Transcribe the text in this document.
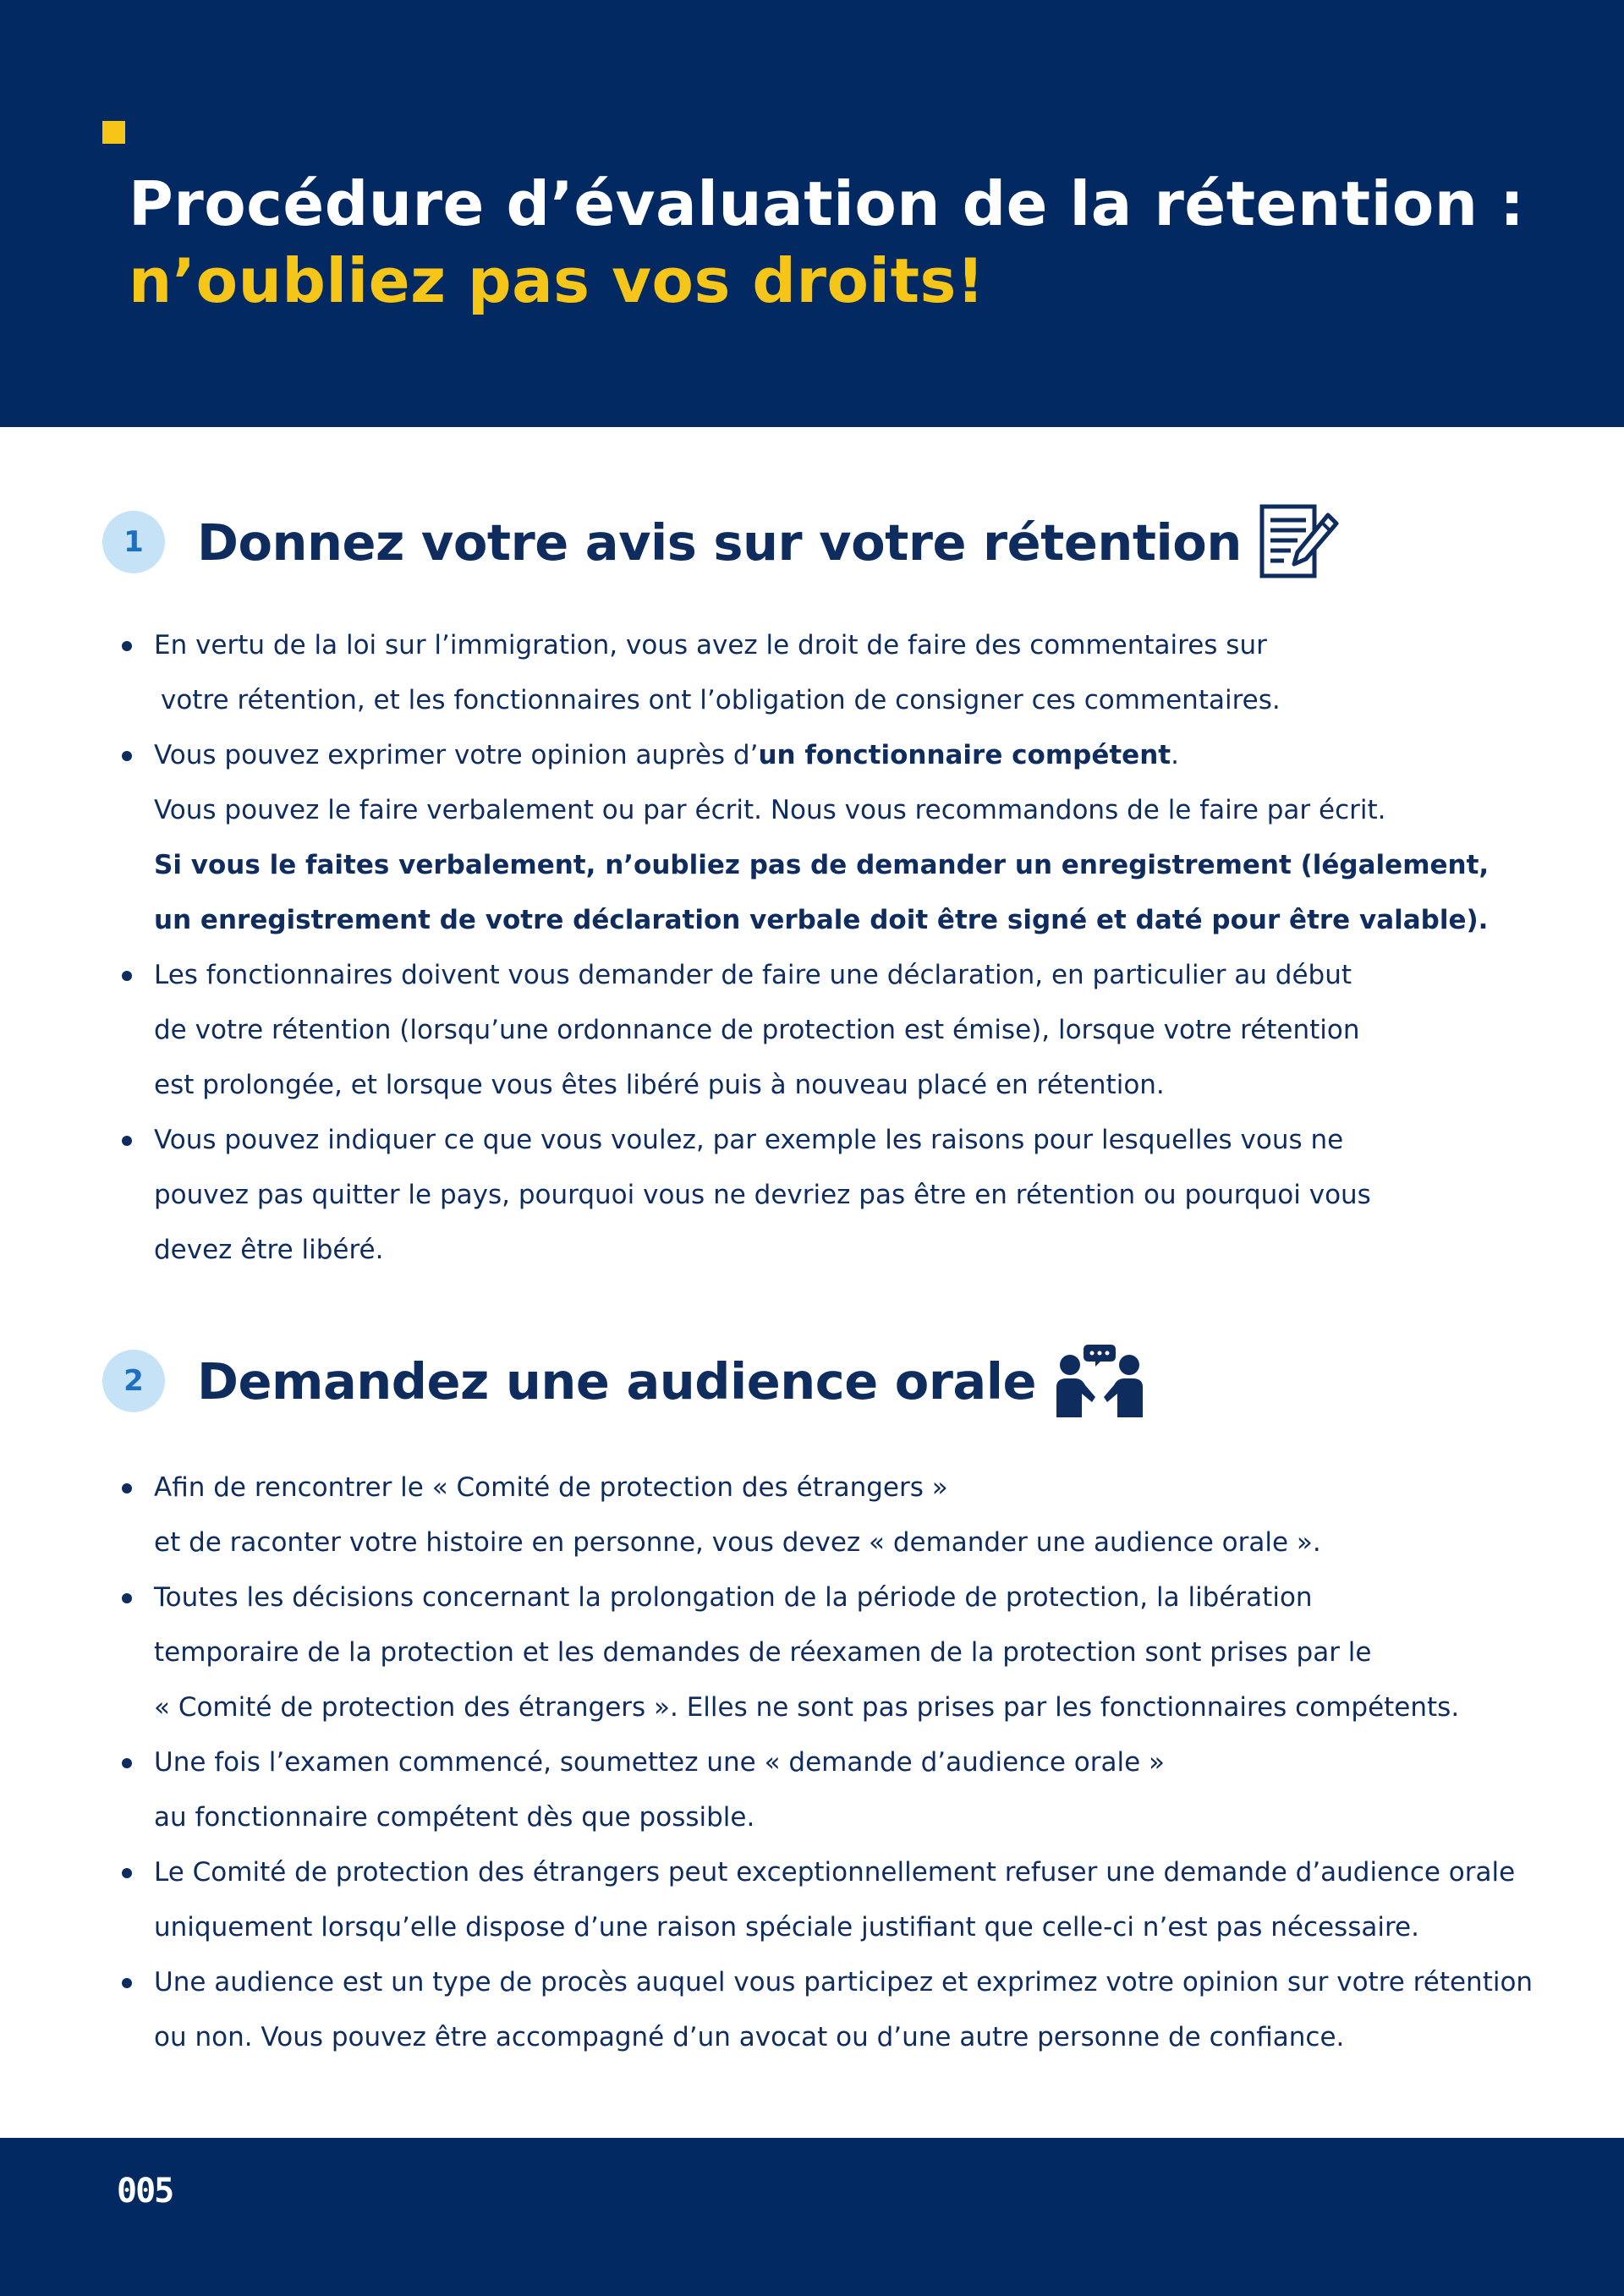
Procédure d’évaluation de la rétention :
n’oubliez pas vos droits!
1	Donnez votre avis sur votre rétention
En vertu de la loi sur l’immigration, vous avez le droit de faire des commentaires sur
votre rétention, et les fonctionnaires ont l’obligation de consigner ces commentaires.
Vous pouvez exprimer votre opinion auprès d’un fonctionnaire compétent.
Vous pouvez le faire verbalement ou par écrit. Nous vous recommandons de le faire par écrit.
Si vous le faites verbalement, n’oubliez pas de demander un enregistrement (légalement,
un enregistrement de votre déclaration verbale doit être signé et daté pour être valable).
Les fonctionnaires doivent vous demander de faire une déclaration, en particulier au début
de votre rétention (lorsqu’une ordonnance de protection est émise), lorsque votre rétention
est prolongée, et lorsque vous êtes libéré puis à nouveau placé en rétention.
Vous pouvez indiquer ce que vous voulez, par exemple les raisons pour lesquelles vous ne
pouvez pas quitter le pays, pourquoi vous ne devriez pas être en rétention ou pourquoi vous
devez être libéré.
2	Demandez une audience orale
Afin de rencontrer le « Comité de protection des étrangers »
et de raconter votre histoire en personne, vous devez « demander une audience orale ».
Toutes les décisions concernant la prolongation de la période de protection, la libération
temporaire de la protection et les demandes de réexamen de la protection sont prises par le
« Comité de protection des étrangers ». Elles ne sont pas prises par les fonctionnaires compétents.
Une fois l’examen commencé, soumettez une « demande d’audience orale »
au fonctionnaire compétent dès que possible.
Le Comité de protection des étrangers peut exceptionnellement refuser une demande d’audience orale
uniquement lorsqu’elle dispose d’une raison spéciale justifiant que celle-ci n’est pas nécessaire.
Une audience est un type de procès auquel vous participez et exprimez votre opinion sur votre rétention
ou non. Vous pouvez être accompagné d’un avocat ou d’une autre personne de confiance.

005
